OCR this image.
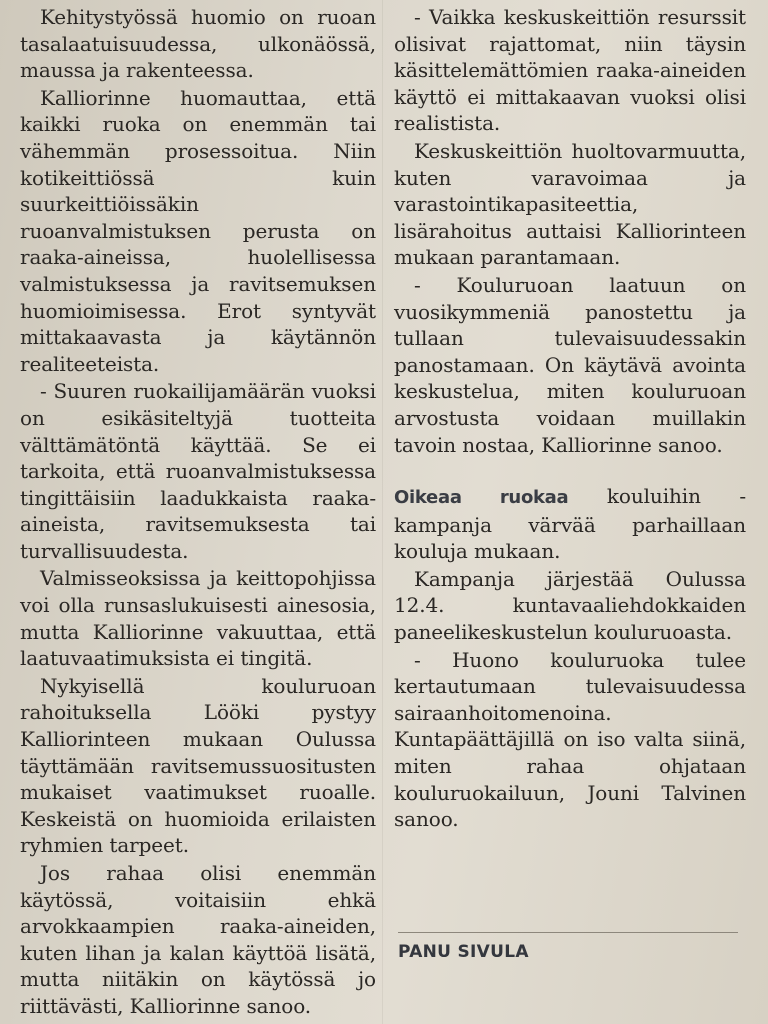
Kehitystyössä huomio on ruoan tasalaatuisuudessa, ulkonäössä, maussa ja rakenteessa.

Kalliorinne huomauttaa, että kaikki ruoka on enemmän tai vähemmän prosessoitua. Niin kotikeittiössä kuin suurkeittiöissäkin ruoanvalmistuksen perusta on raaka-aineissa, huolellisessa valmistuksessa ja ravitsemuksen huomioimisessa. Erot syntyvät mittakaavasta ja käytännön realiteeteista.

- Suuren ruokailijamäärän vuoksi on esikäsiteltyjä tuotteita välttämätöntä käyttää. Se ei tarkoita, että ruoanvalmistuksessa tingittäisiin laadukkaista raaka-aineista, ravitsemuksesta tai turvallisuudesta.

Valmisseoksissa ja keittopohjissa voi olla runsaslukuisesti ainesosia, mutta Kalliorinne vakuuttaa, että laatuvaatimuksista ei tingitä.

Nykyisellä kouluruoan rahoituksella Lööki pystyy Kalliorinteen mukaan Oulussa täyttämään ravitsemussuositusten mukaiset vaatimukset ruoalle. Keskeistä on huomioida erilaisten ryhmien tarpeet.

Jos rahaa olisi enemmän käytössä, voitaisiin ehkä arvokkaampien raaka-aineiden, kuten lihan ja kalan käyttöä lisätä, mutta niitäkin on käytössä jo riittävästi, Kalliorinne sanoo.

- Vaikka keskuskeittiön resurssit olisivat rajattomat, niin täysin käsittelemättömien raaka-aineiden käyttö ei mittakaavan vuoksi olisi realistista.

Keskuskeittiön huoltovarmuutta, kuten varavoimaa ja varastointikapasiteettia, lisärahoitus auttaisi Kalliorinteen mukaan parantamaan.

- Kouluruoan laatuun on vuosikymmeniä panostettu ja tullaan tulevaisuudessakin panostamaan. On käytävä avointa keskustelua, miten kouluruoan arvostusta voidaan muillakin tavoin nostaa, Kalliorinne sanoo.

Oikeaa ruokaa kouluihin -kampanja värvää parhaillaan kouluja mukaan.

Kampanja järjestää Oulussa 12.4. kuntavaaliehdokkaiden paneelikeskustelun kouluruoasta.

- Huono kouluruoka tulee kertautumaan tulevaisuudessa sairaanhoitomenoina. Kuntapäättäjillä on iso valta siinä, miten rahaa ohjataan kouluruokailuun, Jouni Talvinen sanoo.

PANU SIVULA
